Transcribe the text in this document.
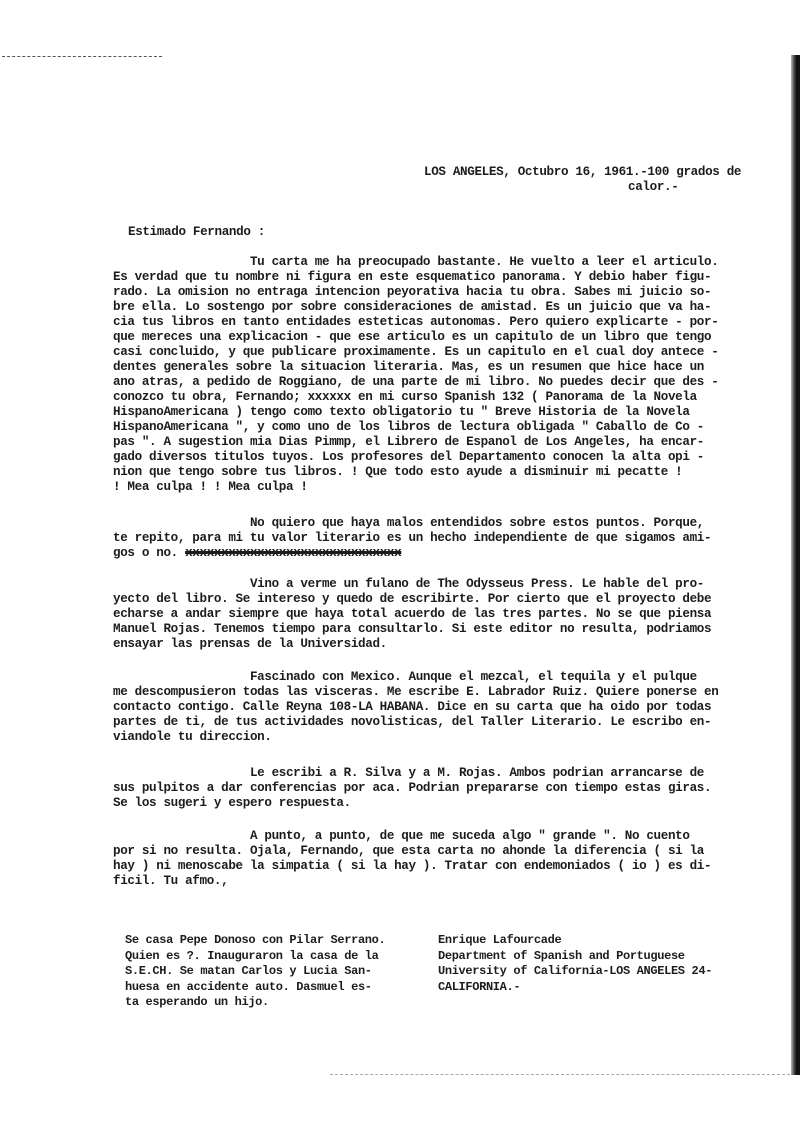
LOS ANGELES, Octubro 16, 1961.-100 grados de
calor.-
Estimado Fernando :
Tu carta me ha preocupado bastante. He vuelto a leer el articulo.
Es verdad que tu nombre ni figura en este esquematico panorama. Y debio haber figu-
rado. La omision no entraga intencion peyorativa hacia tu obra. Sabes mi juicio so-
bre ella. Lo sostengo por sobre consideraciones de amistad. Es un juicio que va ha-
cia tus libros en tanto entidades esteticas autonomas. Pero quiero explicarte - por-
que mereces una explicacion - que ese articulo es un capitulo de un libro que tengo
casi concluido, y que publicare proximamente. Es un capitulo en el cual doy antece -
dentes generales sobre la situacion literaria. Mas, es un resumen que hice hace un
ano atras, a pedido de Roggiano, de una parte de mi libro. No puedes decir que des -
conozco tu obra, Fernando; xxxxxx en mi curso Spanish 132 ( Panorama de la Novela
HispanoAmericana ) tengo como texto obligatorio tu " Breve Historia de la Novela
HispanoAmericana ", y como uno de los libros de lectura obligada " Caballo de Co -
pas ". A sugestion mia Dias Pimmp, el Librero de Espanol de Los Angeles, ha encar-
gado diversos titulos tuyos. Los profesores del Departamento conocen la alta opi -
nion que tengo sobre tus libros. ! Que todo esto ayude a disminuir mi pecatte !
! Mea culpa ! ! Mea culpa !
No quiero que haya malos entendidos sobre estos puntos. Porque,
te repito, para mi tu valor literario es un hecho independiente de que sigamos ami-
gos o no. xxxxxxxxxxxxxxxxxxxxxxxxxxxxxx
Vino a verme un fulano de The Odysseus Press. Le hable del pro-
yecto del libro. Se intereso y quedo de escribirte. Por cierto que el proyecto debe
echarse a andar siempre que haya total acuerdo de las tres partes. No se que piensa
Manuel Rojas. Tenemos tiempo para consultarlo. Si este editor no resulta, podriamos
ensayar las prensas de la Universidad.
Fascinado con Mexico. Aunque el mezcal, el tequila y el pulque
me descompusieron todas las visceras. Me escribe E. Labrador Ruiz. Quiere ponerse en
contacto contigo. Calle Reyna 108-LA HABANA. Dice en su carta que ha oido por todas
partes de ti, de tus actividades novolisticas, del Taller Literario. Le escribo en-
viandole tu direccion.
Le escribi a R. Silva y a M. Rojas. Ambos podrian arrancarse de
sus pulpitos a dar conferencias por aca. Podrian prepararse con tiempo estas giras.
Se los sugeri y espero respuesta.
A punto, a punto, de que me suceda algo " grande ". No cuento
por si no resulta. Ojala, Fernando, que esta carta no ahonde la diferencia ( si la
hay ) ni menoscabe la simpatia ( si la hay ). Tratar con endemoniados ( io ) es di-
ficil. Tu afmo.,
Se casa Pepe Donoso con Pilar Serrano.
Quien es ?. Inauguraron la casa de la
S.E.CH. Se matan Carlos y Lucia San-
huesa en accidente auto. Dasmuel es-
ta esperando un hijo.
Enrique Lafourcade
Department of Spanish and Portuguese
University of California-LOS ANGELES 24-
CALIFORNIA.-
